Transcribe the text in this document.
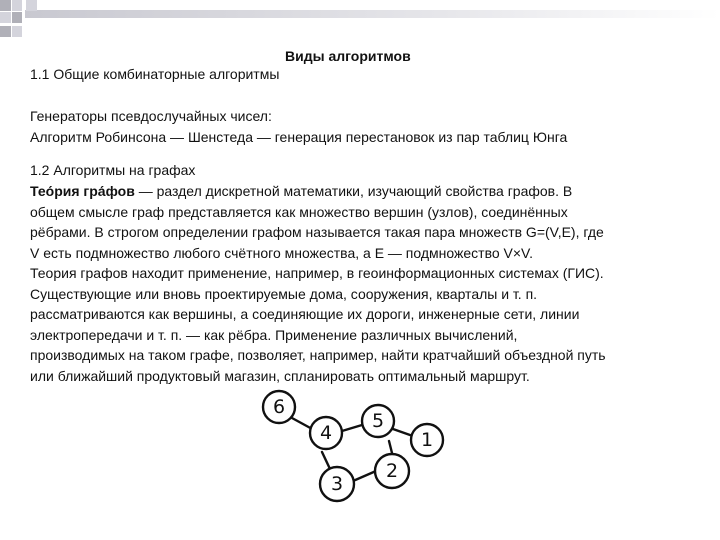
Виды алгоритмов
1.1 Общие комбинаторные алгоритмы
Генераторы псевдослучайных чисел:
Алгоритм Робинсона — Шенстеда — генерация перестановок из пар таблиц Юнга
1.2 Алгоритмы на графах
Тео́рия гра́фов — раздел дискретной математики, изучающий свойства графов. В
общем смысле граф представляется как множество вершин (узлов), соединённых
рёбрами. В строгом определении графом называется такая пара множеств G=(V,E), где
V есть подмножество любого счётного множества, а E — подмножество V×V.
Теория графов находит применение, например, в геоинформационных системах (ГИС).
Существующие или вновь проектируемые дома, сооружения, кварталы и т. п.
рассматриваются как вершины, а соединяющие их дороги, инженерные сети, линии
электропередачи и т. п. — как рёбра. Применение различных вычислений,
производимых на таком графе, позволяет, например, найти кратчайший объездной путь
или ближайший продуктовый магазин, спланировать оптимальный маршрут.
6
4
5
1
3
2
